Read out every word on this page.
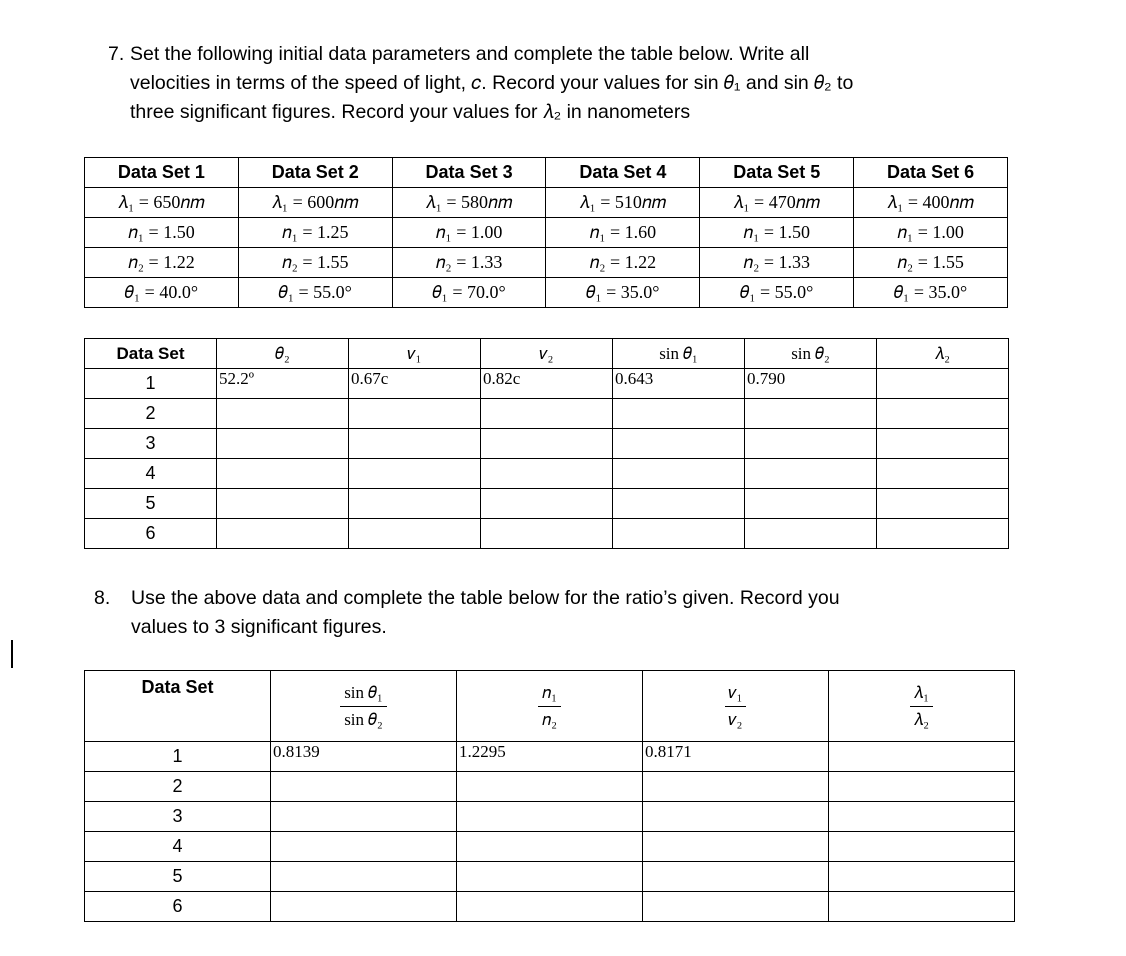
7. Set the following initial data parameters and complete the table below. Write all
velocities in terms of the speed of light, 𝑐. Record your values for sin 𝜃₁ and sin 𝜃₂ to
three significant figures. Record your values for 𝜆₂ in nanometers
Data Set 1	Data Set 2	Data Set 3	Data Set 4	Data Set 5	Data Set 6
𝜆₁ = 650𝑛𝑚	𝜆₁ = 600𝑛𝑚	𝜆₁ = 580𝑛𝑚	𝜆₁ = 510𝑛𝑚	𝜆₁ = 470𝑛𝑚	𝜆₁ = 400𝑛𝑚
𝑛₁ = 1.50	𝑛₁ = 1.25	𝑛₁ = 1.00	𝑛₁ = 1.60	𝑛₁ = 1.50	𝑛₁ = 1.00
𝑛₂ = 1.22	𝑛₂ = 1.55	𝑛₂ = 1.33	𝑛₂ = 1.22	𝑛₂ = 1.33	𝑛₂ = 1.55
𝜃₁ = 40.0°	𝜃₁ = 55.0°	𝜃₁ = 70.0°	𝜃₁ = 35.0°	𝜃₁ = 55.0°	𝜃₁ = 35.0°
Data Set	𝜃₂	𝑣₁	𝑣₂	sin 𝜃₁	sin 𝜃₂	𝜆₂
1	52.2º	0.67c	0.82c	0.643	0.790	
2						
3						
4						
5						
6						
8. Use the above data and complete the table below for the ratio’s given. Record you
values to 3 significant figures.
Data Set	$\frac{\text{sin 𝜃₁}}{\text{sin 𝜃₂}}$	$\frac{\text{𝑛₁}}{\text{𝑛₂}}$	$\frac{\text{𝑣₁}}{\text{𝑣₂}}$	$\frac{\text{𝜆₁}}{\text{𝜆₂}}$

1	0.8139	1.2295	0.8171	
2				
3				
4				
5				
6				
